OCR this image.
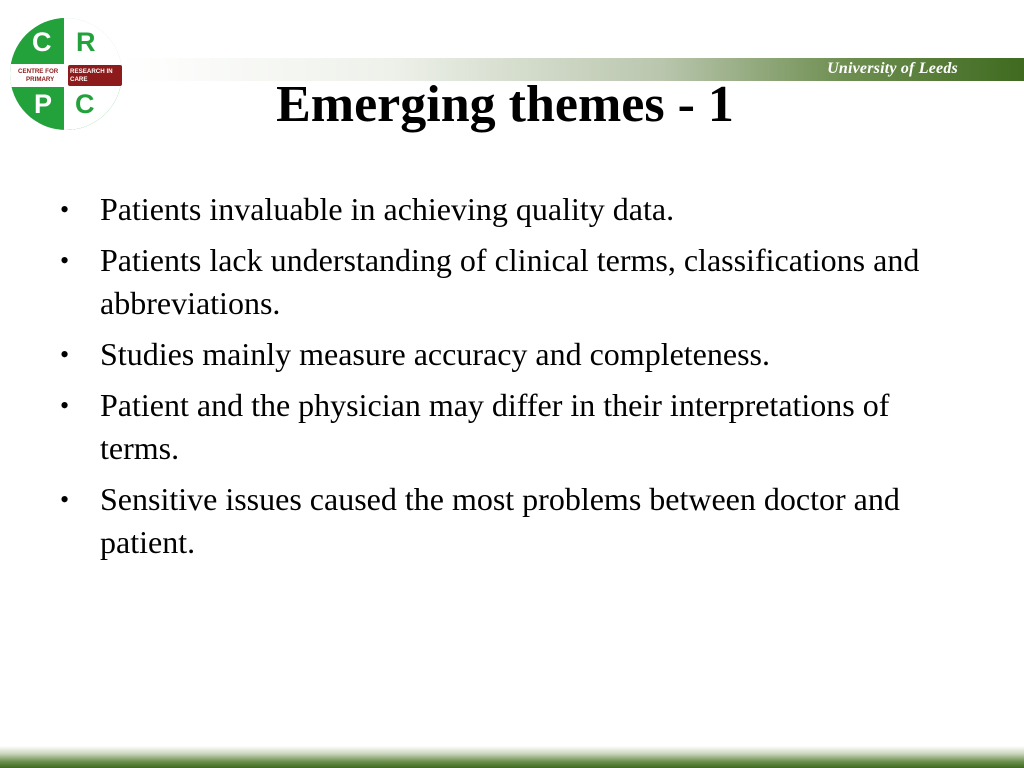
University of Leeds
C R
P C
CENTRE FOR
PRIMARY
RESEARCH IN
CARE	Emerging themes - 1
• Patients invaluable in achieving quality data.
• Patients lack understanding of clinical terms, classifications and abbreviations.
• Studies mainly measure accuracy and completeness.
• Patient and the physician may differ in their interpretations of terms.
• Sensitive issues caused the most problems between doctor and patient.
